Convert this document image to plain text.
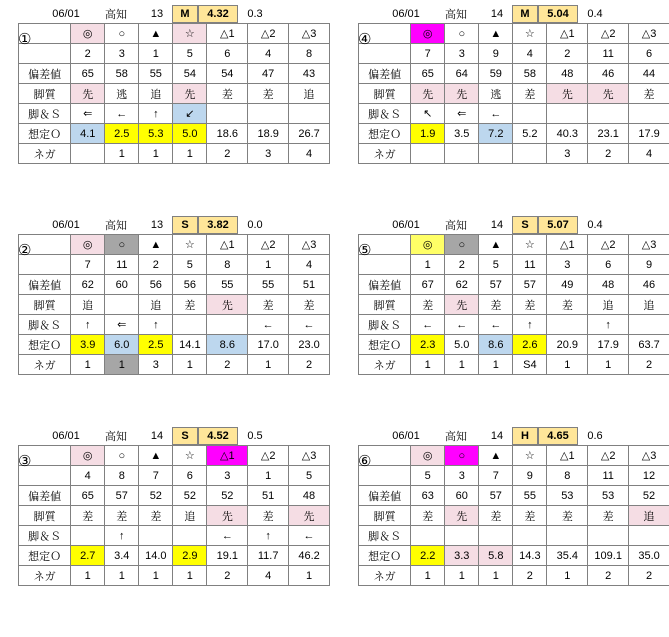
①
06/01	高知	13	M	4.32	0.3
	◎	○	▲	☆	△1	△2	△3
	2	3	1	5	6	4	8
偏差値	65	58	55	54	54	47	43
脚質	先	逃	追	先	差	差	追
脚＆Ｓ	⇐	←	↑	↙			
想定Ｏ	4.1	2.5	5.3	5.0	18.6	18.9	26.7
ネガ		1	1	1	2	3	4
②
06/01	高知	13	S	3.82	0.0
	◎	○	▲	☆	△1	△2	△3
	7	11	2	5	8	1	4
偏差値	62	60	56	56	55	55	51
脚質	追		追	差	先	差	差
脚＆Ｓ	↑	⇐	↑			←	←
想定Ｏ	3.9	6.0	2.5	14.1	8.6	17.0	23.0
ネガ	1	1	3	1	2	1	2
③
06/01	高知	14	S	4.52	0.5
	◎	○	▲	☆	△1	△2	△3
	4	8	7	6	3	1	5
偏差値	65	57	52	52	52	51	48
脚質	差	差	差	追	先	差	先
脚＆Ｓ		↑			←	↑	←
想定Ｏ	2.7	3.4	14.0	2.9	19.1	11.7	46.2
ネガ	1	1	1	1	2	4	1
④
06/01	高知	14	M	5.04	0.4
	◎	○	▲	☆	△1	△2	△3
	7	3	9	4	2	11	6
偏差値	65	64	59	58	48	46	44
脚質	先	先	逃	差	先	先	差
脚＆Ｓ	↖	⇐	←				
想定Ｏ	1.9	3.5	7.2	5.2	40.3	23.1	17.9
ネガ					3	2	4
⑤
06/01	高知	14	S	5.07	0.4
	◎	○	▲	☆	△1	△2	△3
	1	2	5	11	3	6	9
偏差値	67	62	57	57	49	48	46
脚質	差	先	差	差	差	追	追
脚＆Ｓ	←	←	←	↑		↑	
想定Ｏ	2.3	5.0	8.6	2.6	20.9	17.9	63.7
ネガ	1	1	1	S4	1	1	2
⑥
06/01	高知	14	H	4.65	0.6
	◎	○	▲	☆	△1	△2	△3
	5	3	7	9	8	11	12
偏差値	63	60	57	55	53	53	52
脚質	差	先	差	差	差	差	追
脚＆Ｓ							
想定Ｏ	2.2	3.3	5.8	14.3	35.4	109.1	35.0
ネガ	1	1	1	2	1	2	2
